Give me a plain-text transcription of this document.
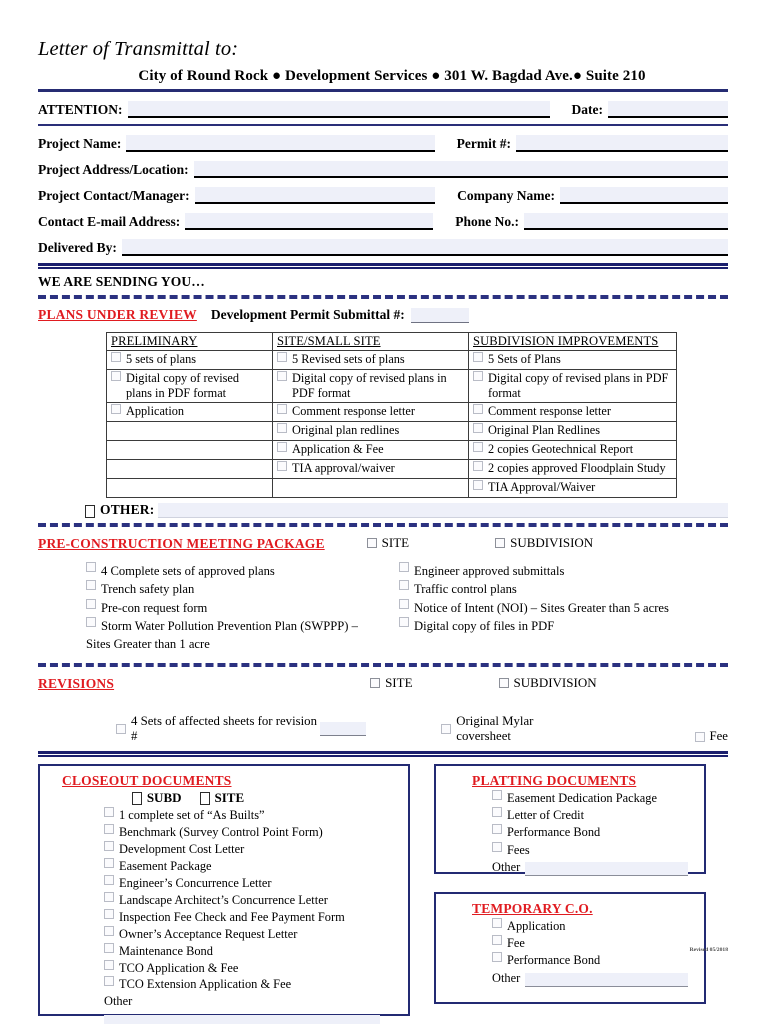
Letter of Transmittal to:
City of Round Rock ● Development Services ● 301 W. Bagdad Ave.● Suite 210
ATTENTION:	Date:
Project Name:	Permit #:
Project Address/Location:
Project Contact/Manager:	Company Name:
Contact E-mail Address:	Phone No.:
Delivered By:
WE ARE SENDING YOU…
PLANS UNDER REVIEW Development Permit Submittal #:
PRELIMINARY	SITE/SMALL SITE	SUBDIVISION IMPROVEMENTS

5 sets of plans	5 Revised sets of plans	5 Sets of Plans

Digital copy of revised plans in PDF format	Digital copy of revised plans in PDF format	Digital copy of revised plans in PDF format

Application	Comment response letter	Comment response letter

	Original plan redlines	Original Plan Redlines

	Application & Fee	2 copies Geotechnical Report

	TIA approval/waiver	2 copies approved Floodplain Study

		TIA Approval/Waiver
OTHER:
PRE-CONSTRUCTION MEETING PACKAGE	SITE	SUBDIVISION
4 Complete sets of approved plans
Trench safety plan
Pre-con request form
Storm Water Pollution Prevention Plan (SWPPP) –
Sites Greater than 1 acre
Engineer approved submittals
Traffic control plans
Notice of Intent (NOI) – Sites Greater than 5 acres
Digital copy of files in PDF
REVISIONS	SITE	SUBDIVISION
4 Sets of affected sheets for revision #
Original Mylar coversheet	Fee
CLOSEOUT DOCUMENTS
SUBD	SITE
1 complete set of “As Builts”
Benchmark (Survey Control Point Form)
Development Cost Letter
Easement Package
Engineer’s Concurrence Letter
Landscape Architect’s Concurrence Letter
Inspection Fee Check and Fee Payment Form
Owner’s Acceptance Request Letter
Maintenance Bond
TCO Application & Fee
TCO Extension Application & Fee
Other
PLATTING DOCUMENTS
Easement Dedication Package
Letter of Credit
Performance Bond
Fees
Other
TEMPORARY C.O.
Application
Fee
Performance Bond
Other
Revised 05/2018
